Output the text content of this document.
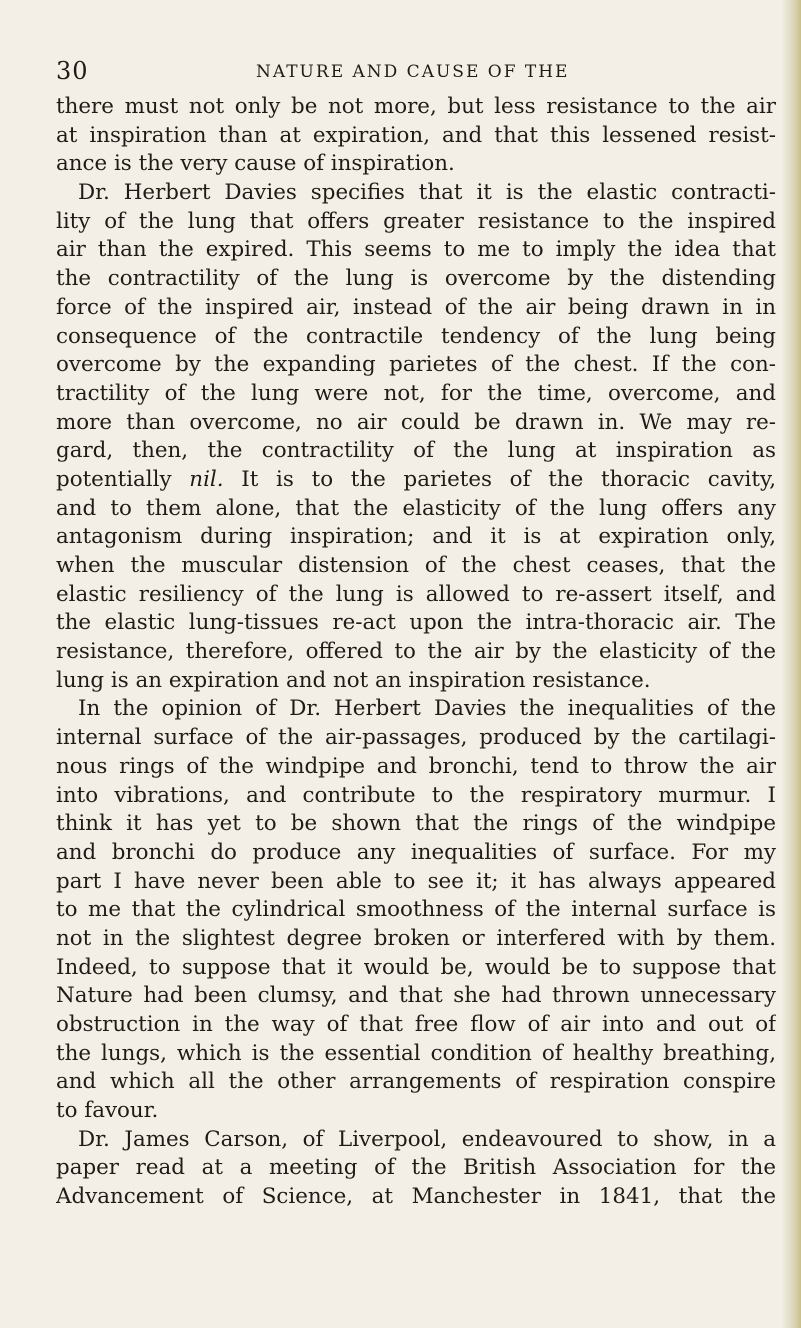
30	NATURE AND CAUSE OF THE
there must not only be not more, but less resistance to the air
at inspiration than at expiration, and that this lessened resist-
ance is the very cause of inspiration.
Dr. Herbert Davies specifies that it is the elastic contracti-
lity of the lung that offers greater resistance to the inspired
air than the expired. This seems to me to imply the idea that
the contractility of the lung is overcome by the distending
force of the inspired air, instead of the air being drawn in in
consequence of the contractile tendency of the lung being
overcome by the expanding parietes of the chest. If the con-
tractility of the lung were not, for the time, overcome, and
more than overcome, no air could be drawn in. We may re-
gard, then, the contractility of the lung at inspiration as
potentially nil. It is to the parietes of the thoracic cavity,
and to them alone, that the elasticity of the lung offers any
antagonism during inspiration; and it is at expiration only,
when the muscular distension of the chest ceases, that the
elastic resiliency of the lung is allowed to re-assert itself, and
the elastic lung-tissues re-act upon the intra-thoracic air. The
resistance, therefore, offered to the air by the elasticity of the
lung is an expiration and not an inspiration resistance.
In the opinion of Dr. Herbert Davies the inequalities of the
internal surface of the air-passages, produced by the cartilagi-
nous rings of the windpipe and bronchi, tend to throw the air
into vibrations, and contribute to the respiratory murmur. I
think it has yet to be shown that the rings of the windpipe
and bronchi do produce any inequalities of surface. For my
part I have never been able to see it; it has always appeared
to me that the cylindrical smoothness of the internal surface is
not in the slightest degree broken or interfered with by them.
Indeed, to suppose that it would be, would be to suppose that
Nature had been clumsy, and that she had thrown unnecessary
obstruction in the way of that free flow of air into and out of
the lungs, which is the essential condition of healthy breathing,
and which all the other arrangements of respiration conspire
to favour.
Dr. James Carson, of Liverpool, endeavoured to show, in a
paper read at a meeting of the British Association for the
Advancement of Science, at Manchester in 1841, that the
